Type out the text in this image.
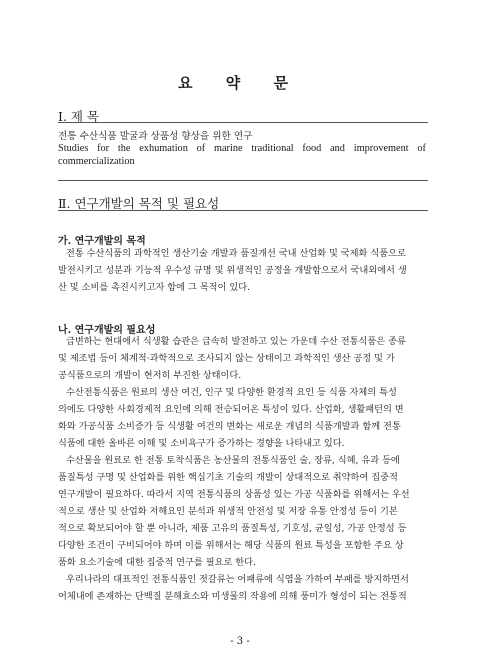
요 약 문
Ⅰ. 제 목
전통 수산식품 발굴과 상품성 향상을 위한 연구
Studies for the exhumation of marine traditional food and improvement of commercialization
Ⅱ. 연구개발의 목적 및 필요성
가. 연구개발의 목적
전통 수산식품의 과학적인 생산기술 개발과 품질개선 국내 산업화 및 국제화 식품으로
발전시키고 성분과 기능적 우수성 규명 및 위생적인 공정을 개발함으로서 국내외에서 생
산 및 소비를 촉진시키고자 함에 그 목적이 있다.
나. 연구개발의 필요성
급변하는 현대에서 식생활 습관은 급속히 발전하고 있는 가운데 수산 전통식품은 종류
및 제조법 등이 체계적·과학적으로 조사되지 않는 상태이고 과학적인 생산 공정 및 가
공식품으로의 개발이 현저히 부진한 상태이다.
수산전통식품은 원료의 생산 여건, 인구 및 다양한 환경적 요인 등 식품 자체의 특성
의에도 다양한 사회경제적 요인에 의해 전승되어온 특성이 있다. 산업화, 생활패턴의 변
화와 가공식품 소비증가 등 식생활 여건의 변화는 새로운 개념의 식품개발과 함께 전통
식품에 대한 올바른 이해 및 소비욕구가 증가하는 경향을 나타내고 있다.
수산물을 원료로 한 전통 토착식품은 농산물의 전통식품인 술, 장류, 식혜, 유과 등에
품질특성 구명 및 산업화를 위한 핵심기초 기술의 개발이 상대적으로 취약하여 집중적
연구개발이 필요하다. 따라서 지역 전통식품의 상품성 있는 가공 식품화를 위해서는 우선
적으로 생산 및 산업화 저해요인 분석과 위생적 안전성 및 저장 유통 안정성 등이 기본
적으로 확보되어야 할 뿐 아니라, 제품 고유의 품질특성, 기호성, 균일성, 가공 안정성 등
다양한 조건이 구비되어야 하며 이를 위해서는 해당 식품의 원료 특성을 포함한 주요 상
품화 요소기술에 대한 집중적 연구를 필요로 한다.
우리나라의 대표적인 전통식품인 젓갈류는 어패류에 식염을 가하여 부패를 방지하면서
어체내에 존재하는 단백질 분해효소와 미생물의 작용에 의해 풍미가 형성이 되는 전통적
- 3 -
